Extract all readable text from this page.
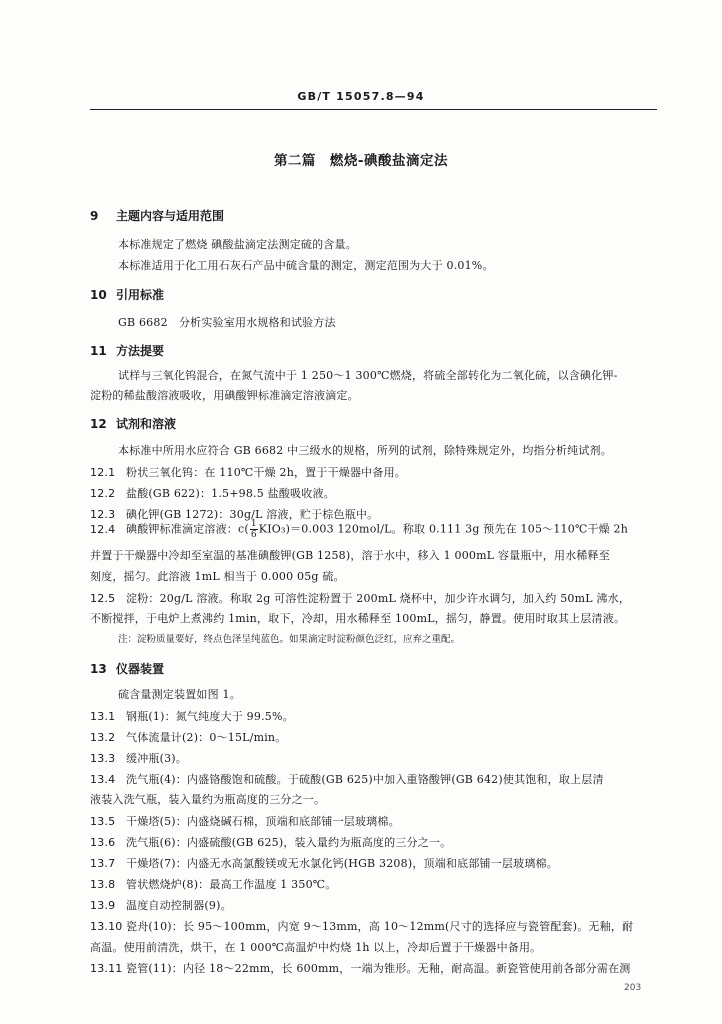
GB/T 15057.8—94
第二篇　燃烧-碘酸盐滴定法
9 主题内容与适用范围
本标准规定了燃烧 碘酸盐滴定法测定硫的含量。
本标准适用于化工用石灰石产品中硫含量的测定，测定范围为大于 0.01%。
10 引用标准
GB 6682　分析实验室用水规格和试验方法
11 方法提要
试样与三氧化钨混合，在氮气流中于 1 250～1 300℃燃烧，将硫全部转化为二氧化硫，以含碘化钾-
淀粉的稀盐酸溶液吸收，用碘酸钾标准滴定溶液滴定。
12 试剂和溶液
本标准中所用水应符合 GB 6682 中三级水的规格，所列的试剂，除特殊规定外，均指分析纯试剂。
12.1 粉状三氧化钨：在 110℃干燥 2h，置于干燥器中备用。
12.2 盐酸(GB 622)：1.5+98.5 盐酸吸收液。
12.3 碘化钾(GB 1272)：30g/L 溶液，贮于棕色瓶中。
12.4 碘酸钾标准滴定溶液：$c( \frac{1}{6} KIO_3)=0.003$ 120mol/L。称取 0.111 3g 预先在 105～110℃干燥 2h
并置于干燥器中冷却至室温的基准碘酸钾(GB 1258)，溶于水中，移入 1 000mL 容量瓶中，用水稀释至
刻度，摇匀。此溶液 1mL 相当于 0.000 05g 硫。
12.5 淀粉：20g/L 溶液。称取 2g 可溶性淀粉置于 200mL 烧杯中，加少许水调匀，加入约 50mL 沸水，
不断搅拌，于电炉上煮沸约 1min，取下，冷却，用水稀释至 100mL，摇匀，静置。使用时取其上层清液。
注：淀粉质量要好，终点色泽呈纯蓝色。如果滴定时淀粉颜色泛红，应弃之重配。
13 仪器装置
硫含量测定装置如图 1。
13.1 钢瓶(1)：氮气纯度大于 99.5%。
13.2 气体流量计(2)：0～15L/min。
13.3 缓冲瓶(3)。
13.4 洗气瓶(4)：内盛铬酸饱和硫酸。于硫酸(GB 625)中加入重铬酸钾(GB 642)使其饱和，取上层清
液装入洗气瓶，装入量约为瓶高度的三分之一。
13.5 干燥塔(5)：内盛烧碱石棉，顶端和底部铺一层玻璃棉。
13.6 洗气瓶(6)：内盛硫酸(GB 625)，装入量约为瓶高度的三分之一。
13.7 干燥塔(7)：内盛无水高氯酸镁或无水氯化钙(HGB 3208)，顶端和底部铺一层玻璃棉。
13.8 管状燃烧炉(8)：最高工作温度 1 350℃。
13.9 温度自动控制器(9)。
13.10 瓷舟(10)：长 95～100mm，内宽 9～13mm，高 10～12mm(尺寸的选择应与瓷管配套)。无釉，耐
高温。使用前清洗，烘干，在 1 000℃高温炉中灼烧 1h 以上，冷却后置于干燥器中备用。
13.11 瓷管(11)：内径 18～22mm，长 600mm，一端为锥形。无釉，耐高温。新瓷管使用前各部分需在测
203
